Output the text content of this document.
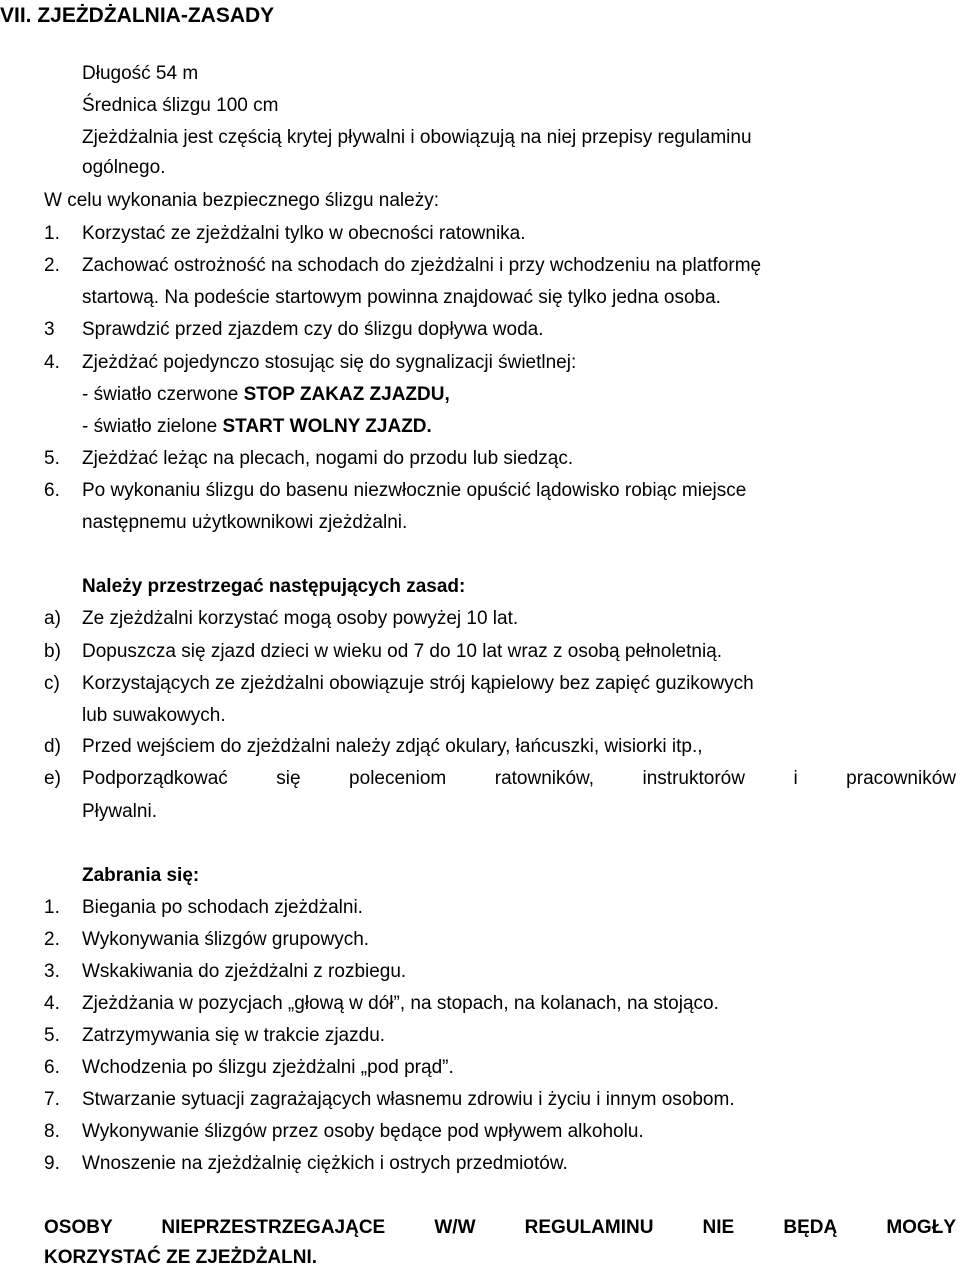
VII. ZJEŻDŻALNIA-ZASADY
Długość 54 m
Średnica ślizgu 100 cm
Zjeżdżalnia jest częścią krytej pływalni i obowiązują na niej przepisy regulaminu
ogólnego.
W celu wykonania bezpiecznego ślizgu należy:
1. Korzystać ze zjeżdżalni tylko w obecności ratownika.
2. Zachować ostrożność na schodach do zjeżdżalni i przy wchodzeniu na platformę
startową. Na podeście startowym powinna znajdować się tylko jedna osoba.
3 Sprawdzić przed zjazdem czy do ślizgu dopływa woda.
4. Zjeżdżać pojedynczo stosując się do sygnalizacji świetlnej:
- światło czerwone STOP ZAKAZ ZJAZDU,
- światło zielone START WOLNY ZJAZD.
5. Zjeżdżać leżąc na plecach, nogami do przodu lub siedząc.
6. Po wykonaniu ślizgu do basenu niezwłocznie opuścić lądowisko robiąc miejsce
następnemu użytkownikowi zjeżdżalni.
Należy przestrzegać następujących zasad:
a) Ze zjeżdżalni korzystać mogą osoby powyżej 10 lat.
b) Dopuszcza się zjazd dzieci w wieku od 7 do 10 lat wraz z osobą pełnoletnią.
c) Korzystających ze zjeżdżalni obowiązuje strój kąpielowy bez zapięć guzikowych
lub suwakowych.
d) Przed wejściem do zjeżdżalni należy zdjąć okulary, łańcuszki, wisiorki itp.,
e) Podporządkować się poleceniom ratowników, instruktorów i pracowników
Pływalni.
Zabrania się:
1. Biegania po schodach zjeżdżalni.
2. Wykonywania ślizgów grupowych.
3. Wskakiwania do zjeżdżalni z rozbiegu.
4. Zjeżdżania w pozycjach „głową w dół”, na stopach, na kolanach, na stojąco.
5. Zatrzymywania się w trakcie zjazdu.
6. Wchodzenia po ślizgu zjeżdżalni „pod prąd”.
7. Stwarzanie sytuacji zagrażających własnemu zdrowiu i życiu i innym osobom.
8. Wykonywanie ślizgów przez osoby będące pod wpływem alkoholu.
9. Wnoszenie na zjeżdżalnię ciężkich i ostrych przedmiotów.
OSOBY NIEPRZESTRZEGAJĄCE W/W REGULAMINU NIE BĘDĄ MOGŁY
KORZYSTAĆ ZE ZJEŻDŻALNI.
